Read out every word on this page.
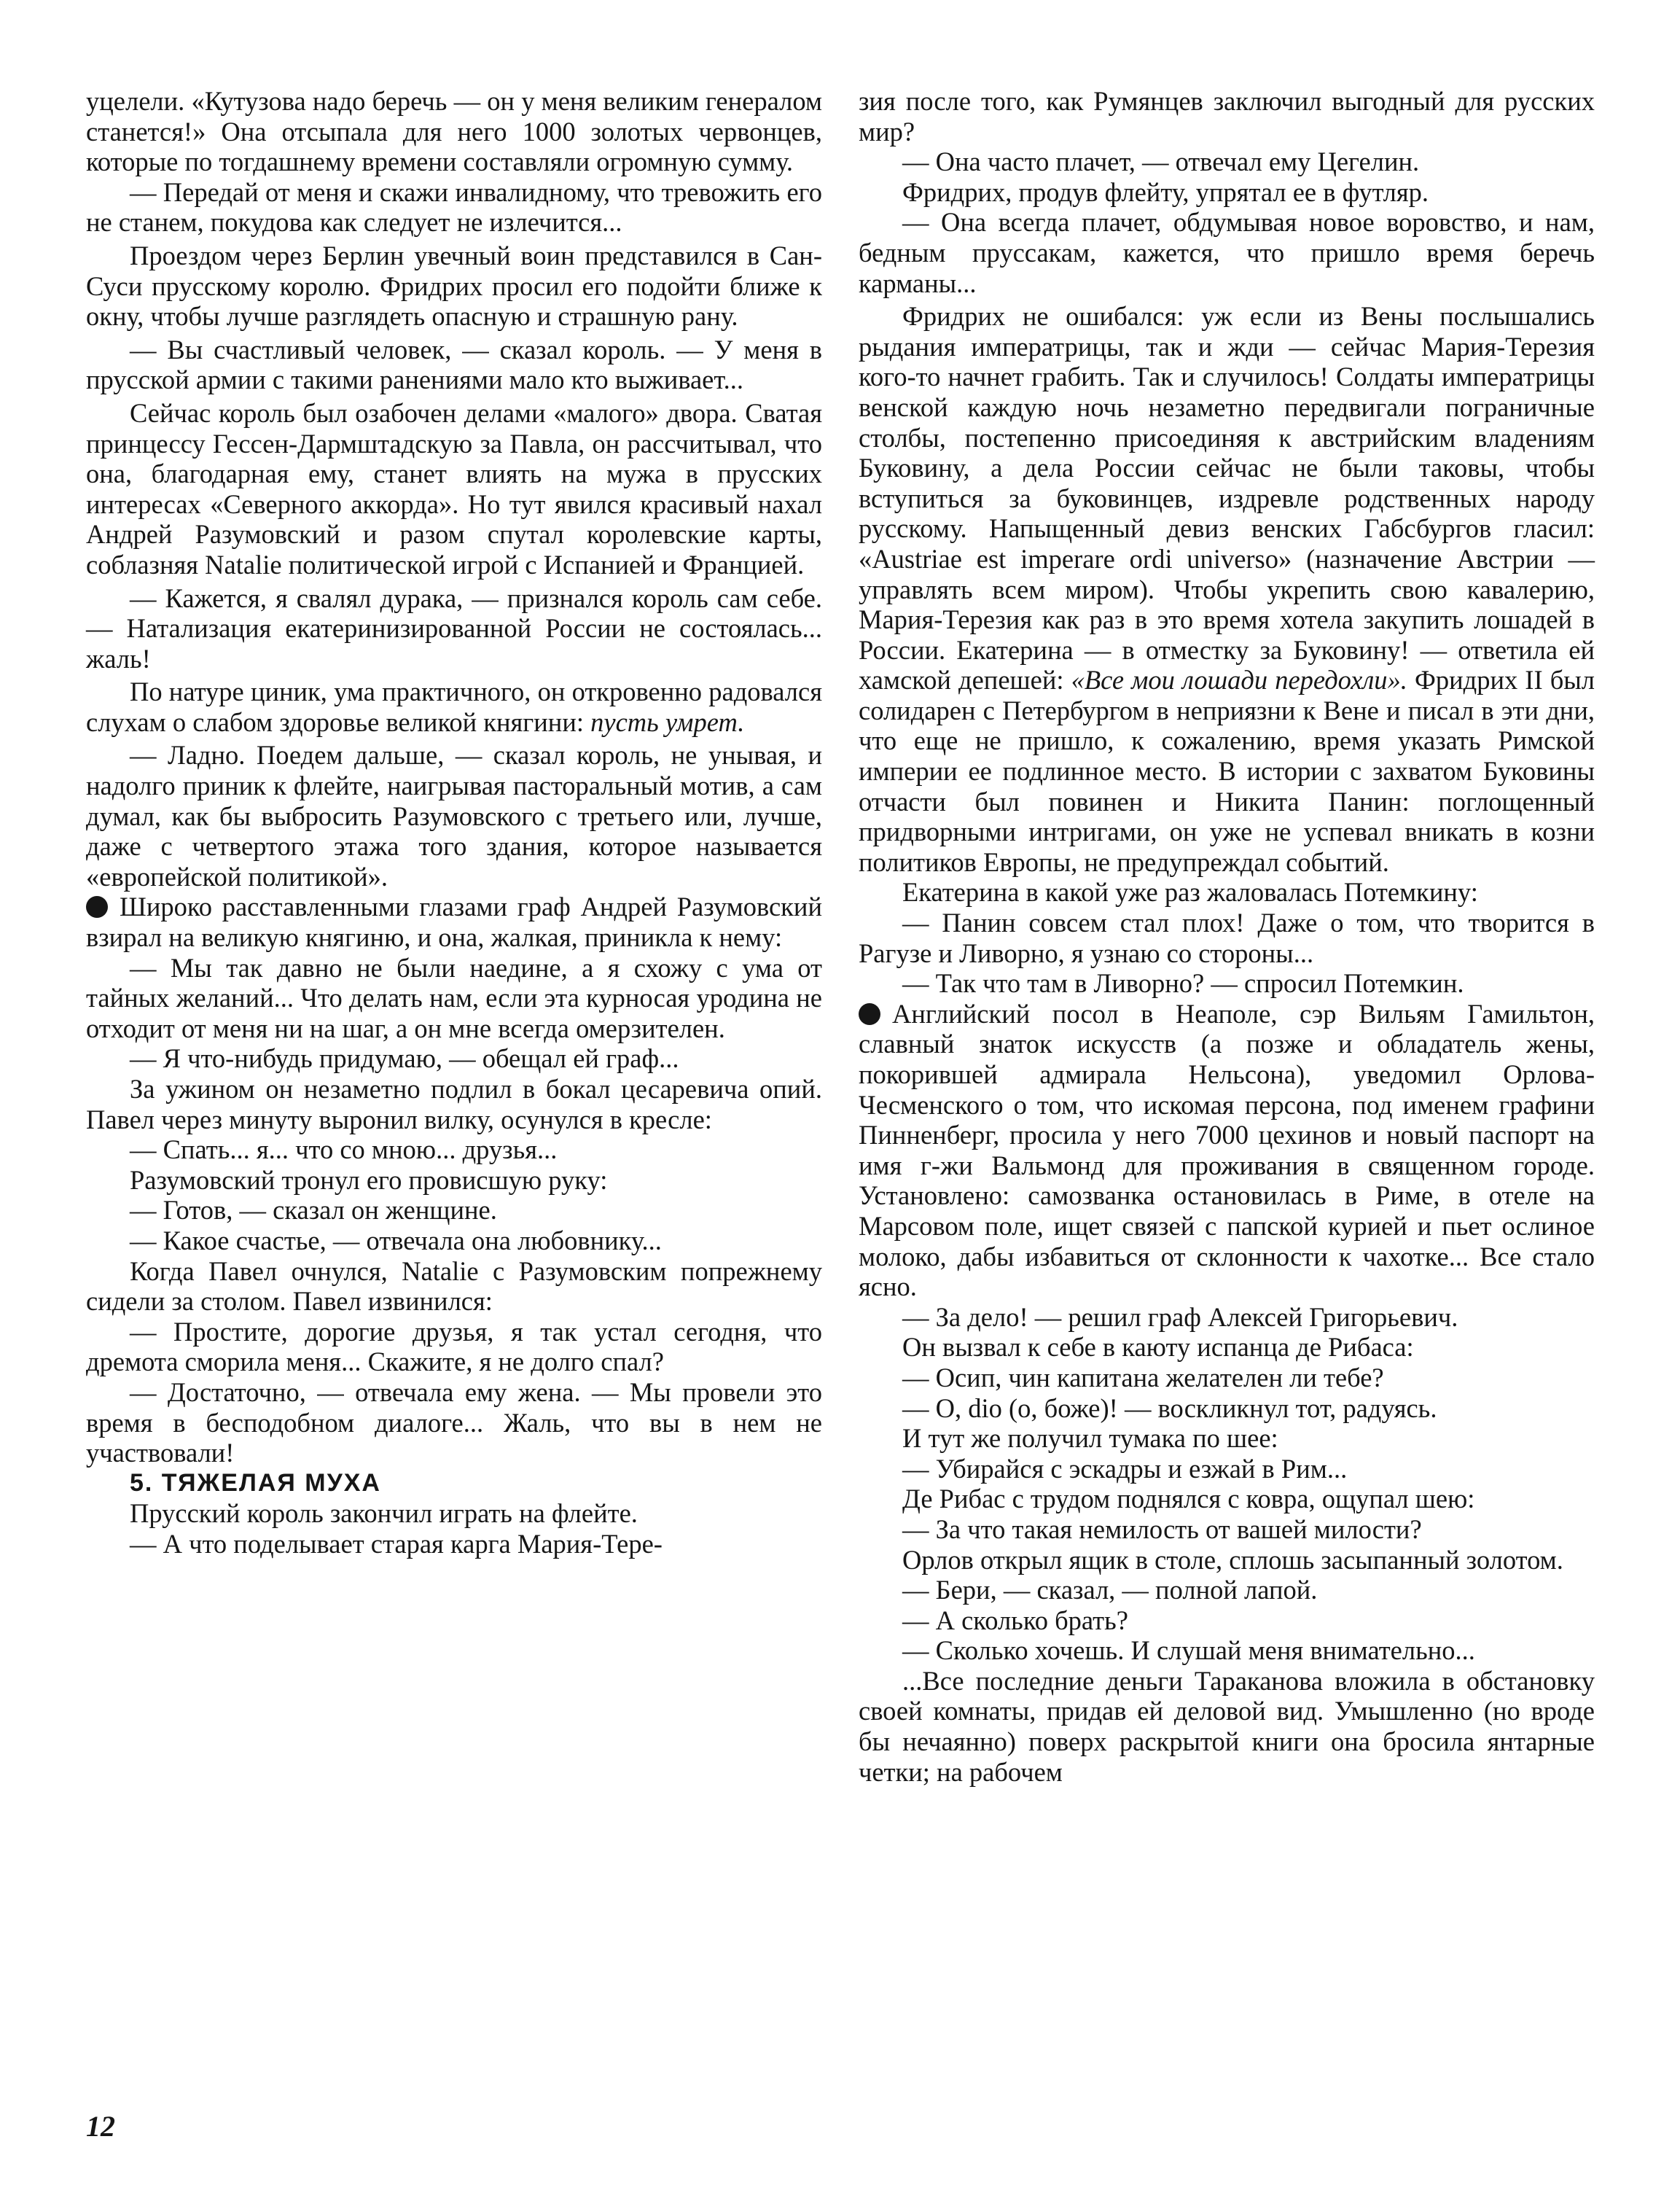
уцелели. «Кутузова надо беречь — он у меня великим генералом станется!» Она отсыпала для него 1000 золотых червонцев, которые по тогдашнему времени составляли огромную сумму.

— Передай от меня и скажи инвалидному, что тревожить его не станем, покудова как следует не излечится...

Проездом через Берлин увечный воин представился в Сан-Суси прусскому королю. Фридрих просил его подойти ближе к окну, чтобы лучше разглядеть опасную и страшную рану.

— Вы счастливый человек, — сказал король. — У меня в прусской армии с такими ранениями мало кто выживает...

Сейчас король был озабочен делами «малого» двора. Сватая принцессу Гессен-Дармштадскую за Павла, он рассчитывал, что она, благодарная ему, станет влиять на мужа в прусских интересах «Северного аккорда». Но тут явился красивый нахал Андрей Разумовский и разом спутал королевские карты, соблазняя Natalie политической игрой с Испанией и Францией.

— Кажется, я свалял дурака, — признался король сам себе. — Натализация екатеринизированной России не состоялась... жаль!

По натуре циник, ума практичного, он откровенно радовался слухам о слабом здоровье великой княгини: пусть умрет.

— Ладно. Поедем дальше, — сказал король, не унывая, и надолго приник к флейте, наигрывая пасторальный мотив, а сам думал, как бы выбросить Разумовского с третьего или, лучше, даже с четвертого этажа того здания, которое называется «европейской политикой».

Широко расставленными глазами граф Андрей Разумовский взирал на великую княгиню, и она, жалкая, приникла к нему:

— Мы так давно не были наедине, а я схожу с ума от тайных желаний... Что делать нам, если эта курносая уродина не отходит от меня ни на шаг, а он мне всегда омерзителен.

— Я что-нибудь придумаю, — обещал ей граф...

За ужином он незаметно подлил в бокал цесаревича опий. Павел через минуту выронил вилку, осунулся в кресле:

— Спать... я... что со мною... друзья...

Разумовский тронул его провисшую руку:

— Готов, — сказал он женщине.

— Какое счастье, — отвечала она любовнику...

Когда Павел очнулся, Natalie с Разумовским попрежнему сидели за столом. Павел извинился:

— Простите, дорогие друзья, я так устал сегодня, что дремота сморила меня... Скажите, я не долго спал?

— Достаточно, — отвечала ему жена. — Мы провели это время в бесподобном диалоге... Жаль, что вы в нем не участвовали!

5. ТЯЖЕЛАЯ МУХА

Прусский король закончил играть на флейте.

— А что поделывает старая карга Мария-Тере-

зия после того, как Румянцев заключил выгодный для русских мир?

— Она часто плачет, — отвечал ему Цегелин.

Фридрих, продув флейту, упрятал ее в футляр.

— Она всегда плачет, обдумывая новое воровство, и нам, бедным пруссакам, кажется, что пришло время беречь карманы...

Фридрих не ошибался: уж если из Вены послышались рыдания императрицы, так и жди — сейчас Мария-Терезия кого-то начнет грабить. Так и случилось! Солдаты императрицы венской каждую ночь незаметно передвигали пограничные столбы, постепенно присоединяя к австрийским владениям Буковину, а дела России сейчас не были таковы, чтобы вступиться за буковинцев, издревле родственных народу русскому. Напыщенный девиз венских Габсбургов гласил: «Austriae est imperare ordi universo» (назначение Австрии — управлять всем миром). Чтобы укрепить свою кавалерию, Мария-Терезия как раз в это время хотела закупить лошадей в России. Екатерина — в отместку за Буковину! — ответила ей хамской депешей: «Все мои лошади передохли». Фридрих II был солидарен с Петербургом в неприязни к Вене и писал в эти дни, что еще не пришло, к сожалению, время указать Римской империи ее подлинное место. В истории с захватом Буковины отчасти был повинен и Никита Панин: поглощенный придворными интригами, он уже не успевал вникать в козни политиков Европы, не предупреждал событий.

Екатерина в какой уже раз жаловалась Потемкину:

— Панин совсем стал плох! Даже о том, что творится в Рагузе и Ливорно, я узнаю со стороны...

— Так что там в Ливорно? — спросил Потемкин.

Английский посол в Неаполе, сэр Вильям Гамильтон, славный знаток искусств (а позже и обладатель жены, покорившей адмирала Нельсона), уведомил Орлова-Чесменского о том, что искомая персона, под именем графини Пинненберг, просила у него 7000 цехинов и новый паспорт на имя г-жи Вальмонд для проживания в священном городе. Установлено: самозванка остановилась в Риме, в отеле на Марсовом поле, ищет связей с папской курией и пьет ослиное молоко, дабы избавиться от склонности к чахотке... Все стало ясно.

— За дело! — решил граф Алексей Григорьевич.

Он вызвал к себе в каюту испанца де Рибаса:

— Осип, чин капитана желателен ли тебе?

— О, dio (о, боже)! — воскликнул тот, радуясь.

И тут же получил тумака по шее:

— Убирайся с эскадры и езжай в Рим...

Де Рибас с трудом поднялся с ковра, ощупал шею:

— За что такая немилость от вашей милости?

Орлов открыл ящик в столе, сплошь засыпанный золотом.

— Бери, — сказал, — полной лапой.

— А сколько брать?

— Сколько хочешь. И слушай меня внимательно...

...Все последние деньги Тараканова вложила в обстановку своей комнаты, придав ей деловой вид. Умышленно (но вроде бы нечаянно) поверх раскрытой книги она бросила янтарные четки; на рабочем

12
